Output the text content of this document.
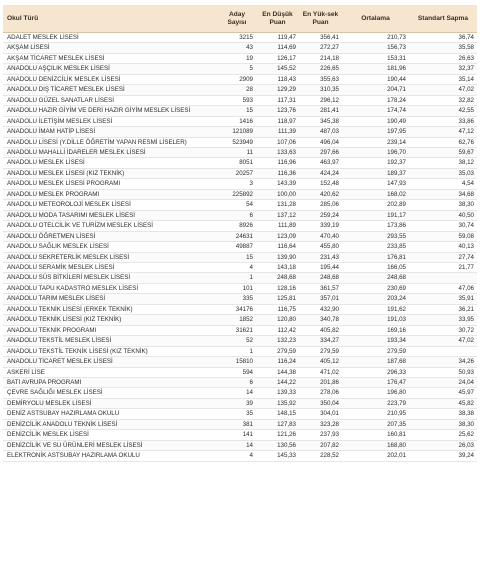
Okul Türü	Aday Sayısı	En Düşük Puan	En Yük-sek Puan	Ortalama	Standart Sapma
ADALET MESLEK LİSESİ	3215	119,47	356,41	210,73	36,74
AKŞAM LİSESİ	43	114,69	272,27	156,73	35,58
AKŞAM TİCARET MESLEK LİSESİ	19	126,17	214,18	153,31	26,63
ANADOLU AŞÇILIK MESLEK LİSESİ	5	145,52	226,65	181,96	32,37
ANADOLU DENİZCİLİK MESLEK LİSESİ	2909	118,43	355,63	190,44	35,14
ANADOLU DIŞ TİCARET MESLEK LİSESİ	28	129,29	310,35	204,71	47,02
ANADOLU GÜZEL SANATLAR LİSESİ	593	117,31	296,12	178,24	32,82
ANADOLU HAZIR GİYİM VE DERİ HAZIR GİYİM MESLEK LİSESİ	15	123,76	281,41	174,74	42,55
ANADOLU İLETİŞİM MESLEK LİSESİ	1416	118,97	345,38	190,49	33,86
ANADOLU İMAM HATİP LİSESİ	121089	111,39	487,03	197,95	47,12
ANADOLU LİSESİ (Y.DİLLE ÖĞRETİM YAPAN RESMİ LİSELER)	523949	107,06	496,04	239,14	62,76
ANADOLU MAHALLİ İDARELER MESLEK LİSESİ	11	133,63	297,66	196,70	59,67
ANADOLU MESLEK LİSESİ	8051	116,96	463,97	192,37	38,12
ANADOLU MESLEK LİSESİ (KIZ TEKNİK)	20257	116,36	424,24	189,37	35,03
ANADOLU MESLEK LİSESİ PROGRAMI	3	143,39	152,48	147,93	4,54
ANADOLU MESLEK PROGRAMI	225892	100,00	420,62	168,02	34,68
ANADOLU METEOROLOJİ MESLEK LİSESİ	54	131,28	285,06	202,89	38,30
ANADOLU MODA TASARIMI MESLEK LİSESİ	6	137,12	259,24	191,17	40,50
ANADOLU OTELCİLİK VE TURİZM MESLEK LİSESİ	8926	111,89	339,19	173,86	30,74
ANADOLU ÖĞRETMEN LİSESİ	24631	123,09	470,40	293,55	59,08
ANADOLU SAĞLIK MESLEK LİSESİ	49887	116,64	455,80	233,85	40,13
ANADOLU SEKRETERLİK MESLEK LİSESİ	15	139,90	231,43	176,81	27,74
ANADOLU SERAMİK MESLEK LİSESİ	4	143,18	195,44	166,05	21,77
ANADOLU SÜS BİTKİLERİ MESLEK LİSESİ	1	248,68	248,68	248,68	
ANADOLU TAPU KADASTRO MESLEK LİSESİ	101	128,16	361,57	230,69	47,06
ANADOLU TARIM MESLEK LİSESİ	335	125,81	357,01	203,24	35,91
ANADOLU TEKNİK LİSESİ (ERKEK TEKNİK)	34176	116,75	432,90	191,62	36,21
ANADOLU TEKNİK LİSESİ (KIZ TEKNİK)	1852	120,80	340,78	191,03	33,95
ANADOLU TEKNİK PROGRAMI	31621	112,42	405,82	169,16	30,72
ANADOLU TEKSTİL MESLEK LİSESİ	52	132,23	334,27	193,34	47,02
ANADOLU TEKSTİL TEKNİK LİSESİ (KIZ TEKNİK)	1	279,59	279,59	279,59	
ANADOLU TİCARET MESLEK LİSESİ	15810	116,24	405,12	187,68	34,26
ASKERİ LİSE	594	144,38	471,02	296,33	50,93
BATI AVRUPA PROGRAMI	6	144,22	201,86	176,47	24,04
ÇEVRE SAĞLIĞI MESLEK LİSESİ	14	139,33	278,06	196,80	45,97
DEMİRYOLU MESLEK LİSESİ	39	135,92	350,04	223,79	45,82
DENİZ ASTSUBAY HAZIRLAMA OKULU	35	148,15	304,01	210,95	38,38
DENİZCİLİK ANADOLU TEKNİK LİSESİ	381	127,83	323,28	207,35	38,30
DENİZCİLİK MESLEK LİSESİ	141	121,26	237,93	160,81	25,62
DENİZCİLİK VE SU ÜRÜNLERİ MESLEK LİSESİ	14	130,56	207,82	168,80	26,03
ELEKTRONİK ASTSUBAY HAZIRLAMA OKULU	4	145,33	228,52	202,01	39,24
